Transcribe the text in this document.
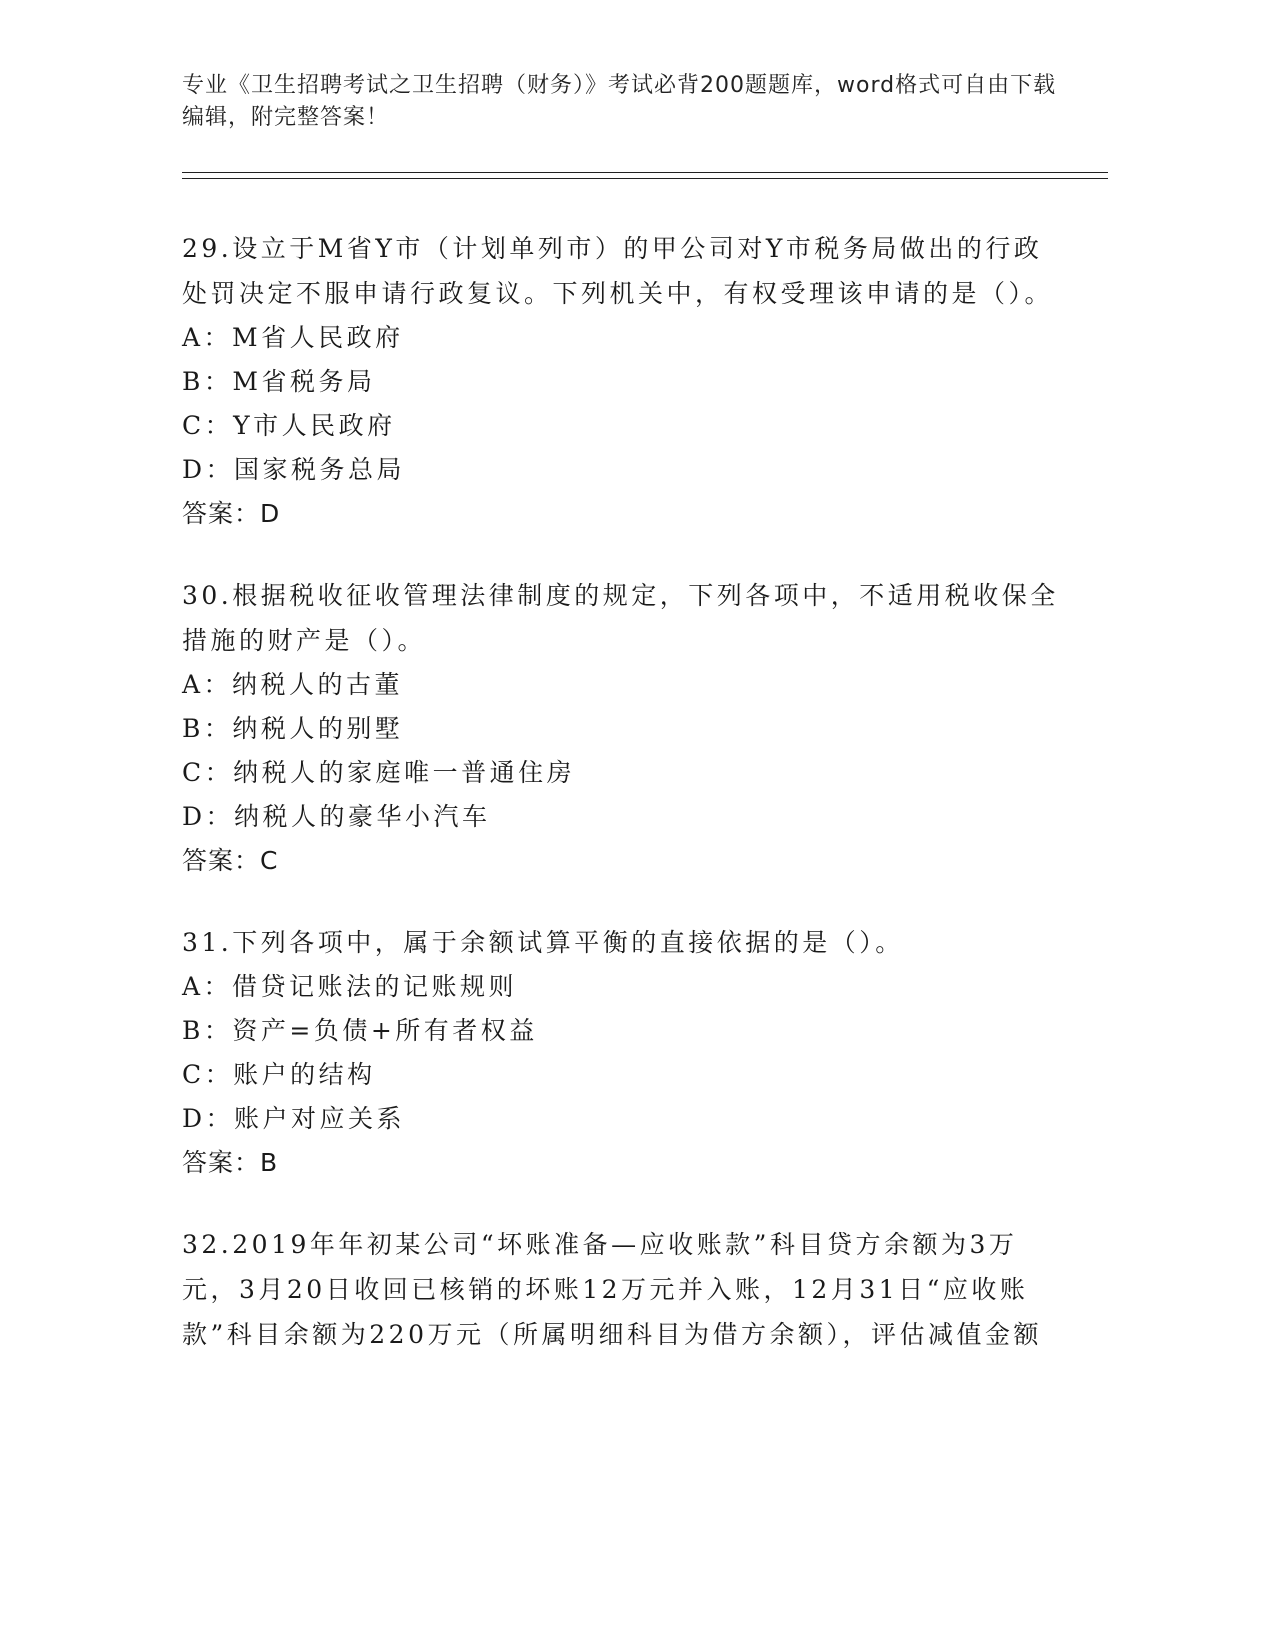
专业《卫生招聘考试之卫生招聘（财务）》考试必背200题题库，word格式可自由下载编辑，附完整答案！

29.设立于M省Y市（计划单列市）的甲公司对Y市税务局做出的行政处罚决定不服申请行政复议。下列机关中，有权受理该申请的是（）。

A：M省人民政府

B：M省税务局

C：Y市人民政府

D：国家税务总局

答案：D

30.根据税收征收管理法律制度的规定，下列各项中，不适用税收保全措施的财产是（）。

A：纳税人的古董

B：纳税人的别墅

C：纳税人的家庭唯一普通住房

D：纳税人的豪华小汽车

答案：C

31.下列各项中，属于余额试算平衡的直接依据的是（）。

A：借贷记账法的记账规则

B：资产=负债+所有者权益

C：账户的结构

D：账户对应关系

答案：B

32.2019年年初某公司“坏账准备—应收账款”科目贷方余额为3万元，3月20日收回已核销的坏账12万元并入账，12月31日“应收账款”科目余额为220万元（所属明细科目为借方余额），评估减值金额
